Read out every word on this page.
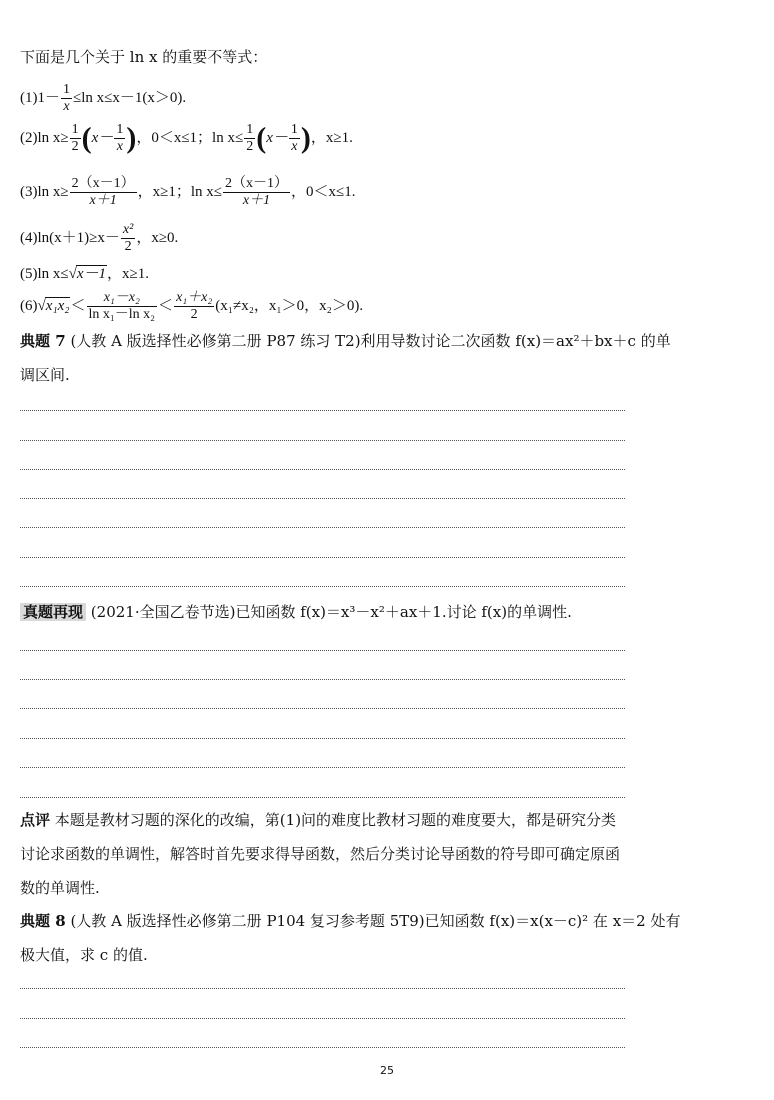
下面是几个关于 ln x 的重要不等式：
$(1)1- \frac{1}{x} \le\ln$ x≤x－1(x＞0).
(2)ln $x\ge \frac{1}{2} (x- \frac{1}{x}$ )，0＜x≤1；$\ln x\le \frac{1}{2} (x- \frac{1}{x}$ )，x≥1.
(3)ln $x\ge \frac{2(x-1)}{x+1}$ ，x≥1；$\ln x\le \frac{2(x-1)}{x+1}$ ，0＜x≤1.
$(4)\ln(x+1)\ge x- \frac{\text{x²}}{2}$ ，x≥0.
(5)ln x≤√x－1，x≥1.
$(6)√x_1x_2< \frac{\text{x₁－x₂}}{\text{ln x₁－ln x₂}} < \frac{\text{x₁＋x₂}}{2} (x_1\ne x_2$，x₁＞0，x₂＞0).
典题 7 (人教 A 版选择性必修第二册 P87 练习 T2)利用导数讨论二次函数 f(x)＝ax²＋bx＋c 的单
调区间.
真题再现 (2021·全国乙卷节选)已知函数 f(x)＝x³－x²＋ax＋1.讨论 f(x)的单调性.
点评 本题是教材习题的深化的改编，第(1)问的难度比教材习题的难度要大，都是研究分类
讨论求函数的单调性，解答时首先要求得导函数，然后分类讨论导函数的符号即可确定原函
数的单调性.
典题 8 (人教 A 版选择性必修第二册 P104 复习参考题 5T9)已知函数 f(x)＝x(x－c)² 在 x＝2 处有
极大值，求 c 的值.
25
